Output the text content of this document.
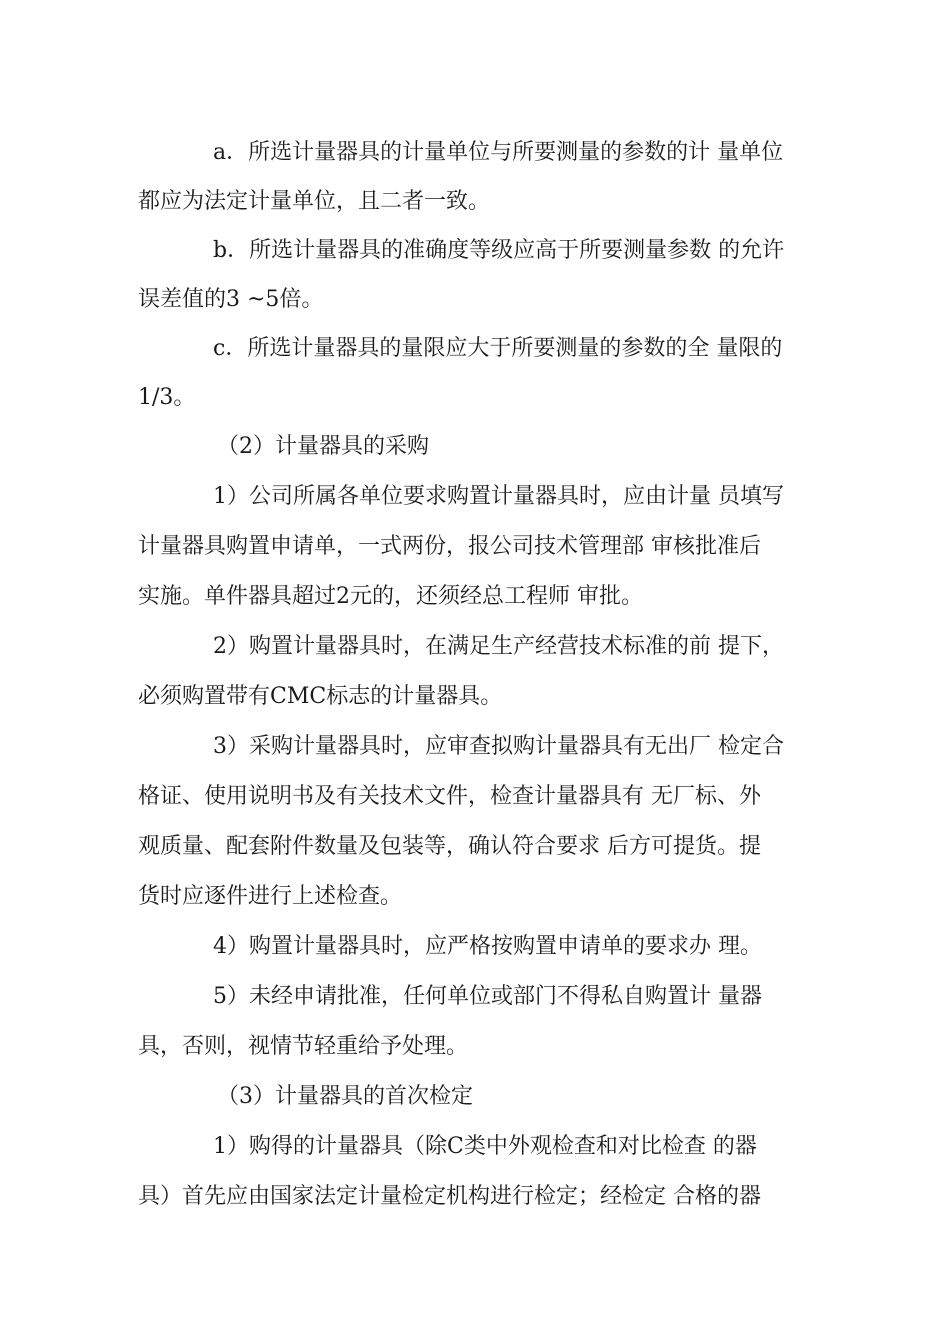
a．所选计量器具的计量单位与所要测量的参数的计 量单位
都应为法定计量单位，且二者一致。
b．所选计量器具的准确度等级应高于所要测量参数 的允许
误差值的3 ~5倍。
c．所选计量器具的量限应大于所要测量的参数的全 量限的
1/3。
（2）计量器具的采购
1）公司所属各单位要求购置计量器具时，应由计量 员填写
计量器具购置申请单，一式两份，报公司技术管理部 审核批准后
实施。单件器具超过2元的，还须经总工程师 审批。
2）购置计量器具时，在满足生产经营技术标准的前 提下，
必须购置带有CMC标志的计量器具。
3）采购计量器具时，应审查拟购计量器具有无出厂 检定合
格证、使用说明书及有关技术文件，检查计量器具有 无厂标、外
观质量、配套附件数量及包装等，确认符合要求 后方可提货。提
货时应逐件进行上述检查。
4）购置计量器具时，应严格按购置申请单的要求办 理。
5）未经申请批准，任何单位或部门不得私自购置计 量器
具，否则，视情节轻重给予处理。
（3）计量器具的首次检定
1）购得的计量器具（除C类中外观检查和对比检查 的器
具）首先应由国家法定计量检定机构进行检定；经检定 合格的器
